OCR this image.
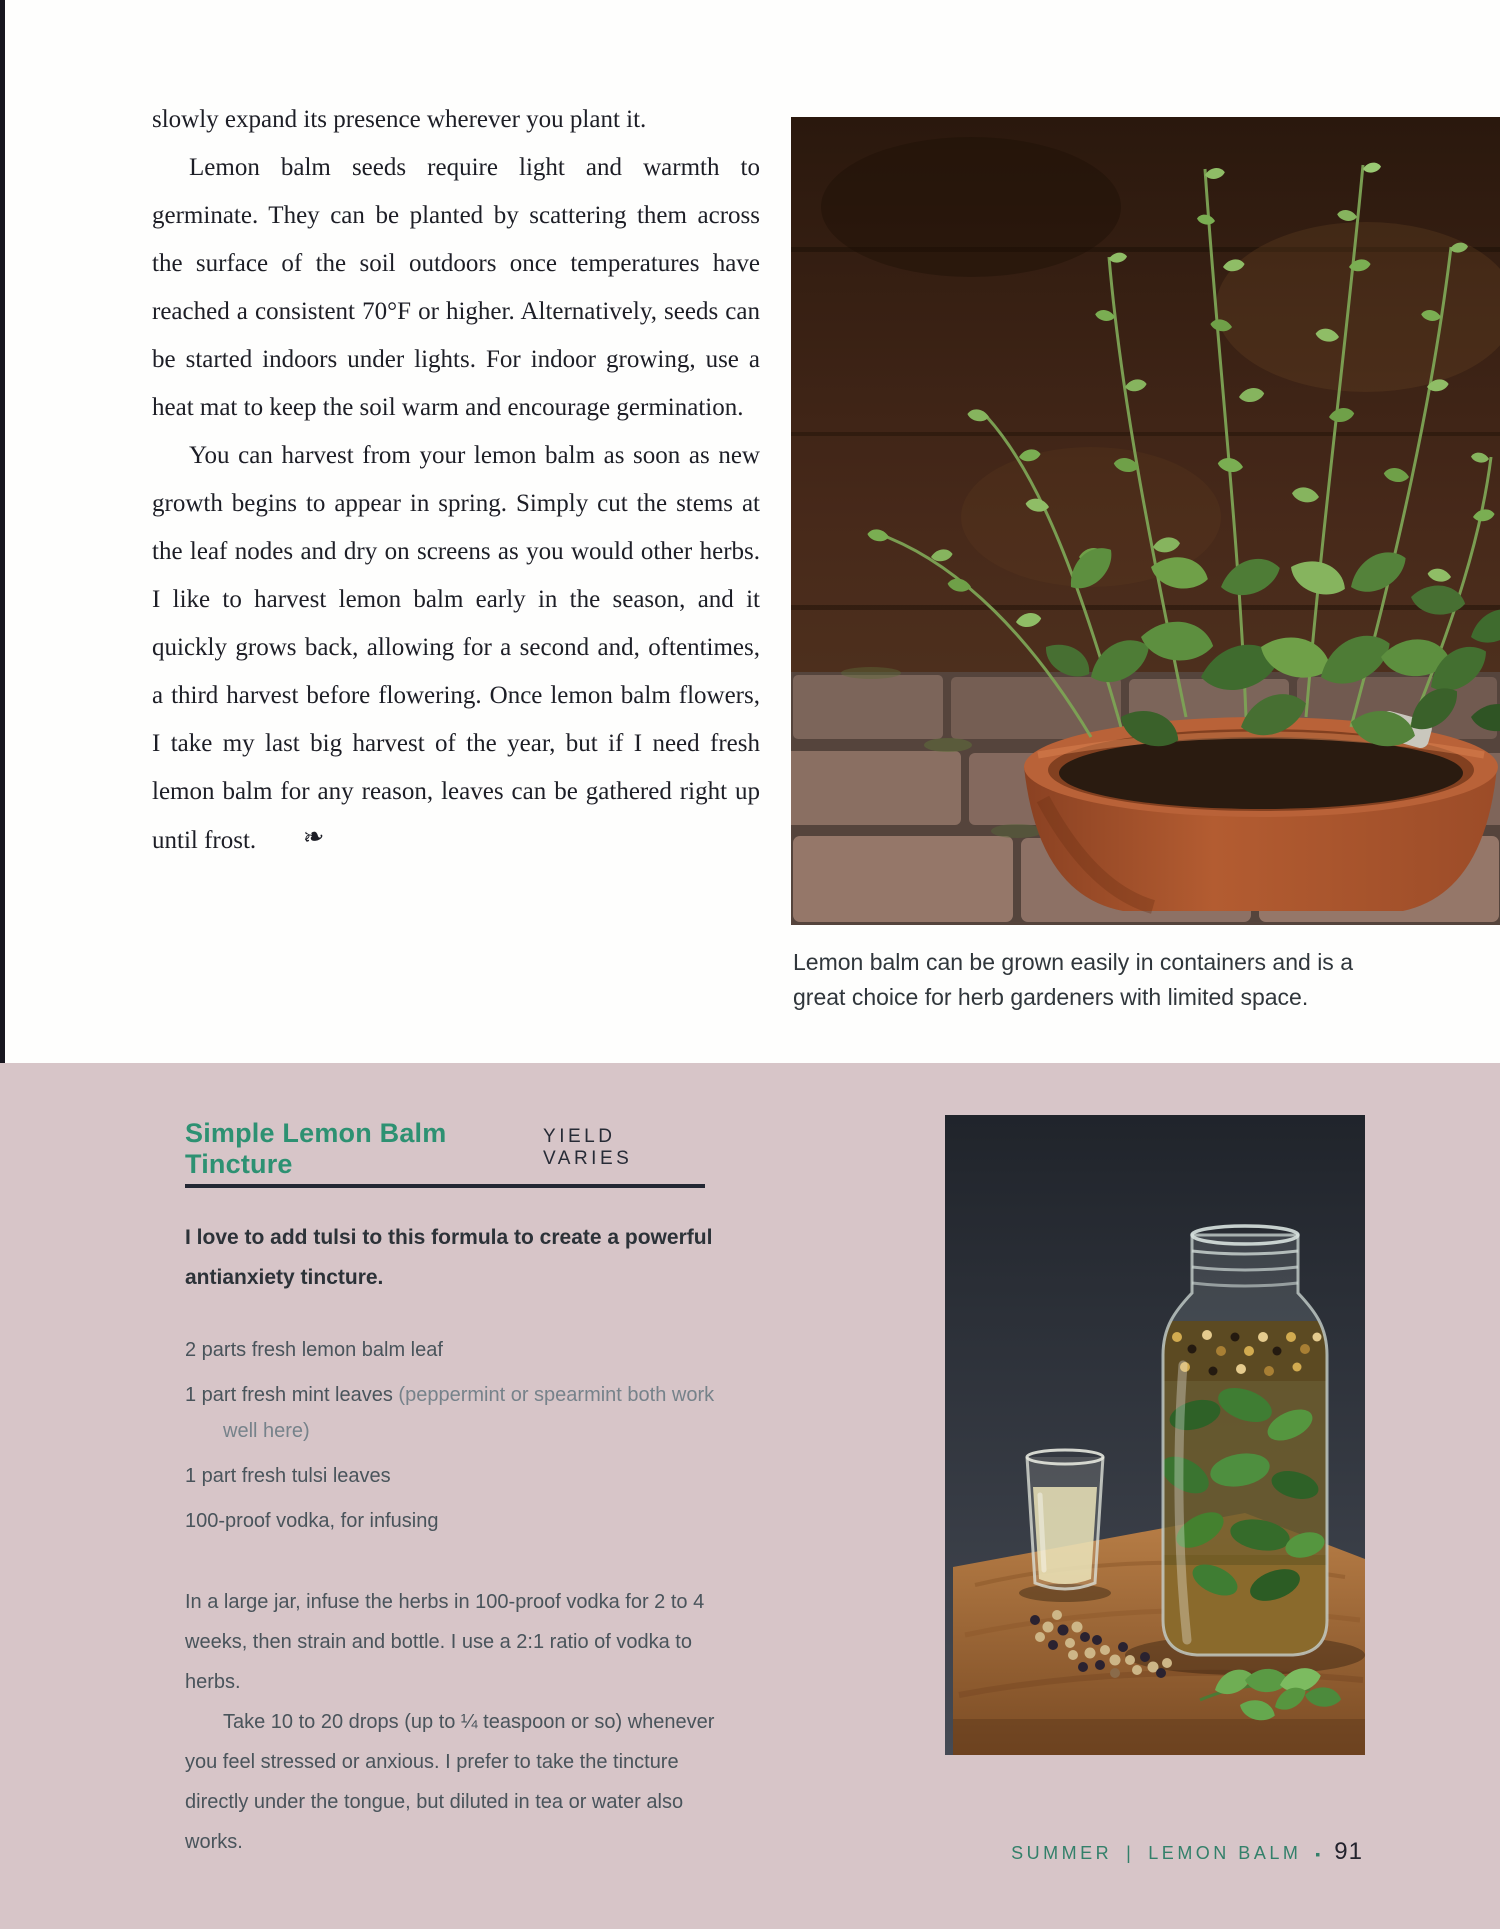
slowly expand its presence wherever you plant it.

Lemon balm seeds require light and warmth to germinate. They can be planted by scattering them across the surface of the soil outdoors once temperatures have reached a consistent 70°F or higher. Alternatively, seeds can be started indoors under lights. For indoor growing, use a heat mat to keep the soil warm and encourage germination.

You can harvest from your lemon balm as soon as new growth begins to appear in spring. Simply cut the stems at the leaf nodes and dry on screens as you would other herbs. I like to harvest lemon balm early in the season, and it quickly grows back, allowing for a second and, oftentimes, a third harvest before flowering. Once lemon balm flowers, I take my last big harvest of the year, but if I need fresh lemon balm for any reason, leaves can be gathered right up until frost. ❧

Lemon balm can be grown easily in containers and is a great choice for herb gardeners with limited space.

Simple Lemon Balm Tincture
YIELD VARIES

I love to add tulsi to this formula to create a powerful antianxiety tincture.

2 parts fresh lemon balm leaf
1 part fresh mint leaves (peppermint or spearmint both work well here)
1 part fresh tulsi leaves
100-proof vodka, for infusing

In a large jar, infuse the herbs in 100-proof vodka for 2 to 4 weeks, then strain and bottle. I use a 2:1 ratio of vodka to herbs.

Take 10 to 20 drops (up to ¼ teaspoon or so) whenever you feel stressed or anxious. I prefer to take the tincture directly under the tongue, but diluted in tea or water also works.	SUMMER | LEMON BALM ▪ 91
